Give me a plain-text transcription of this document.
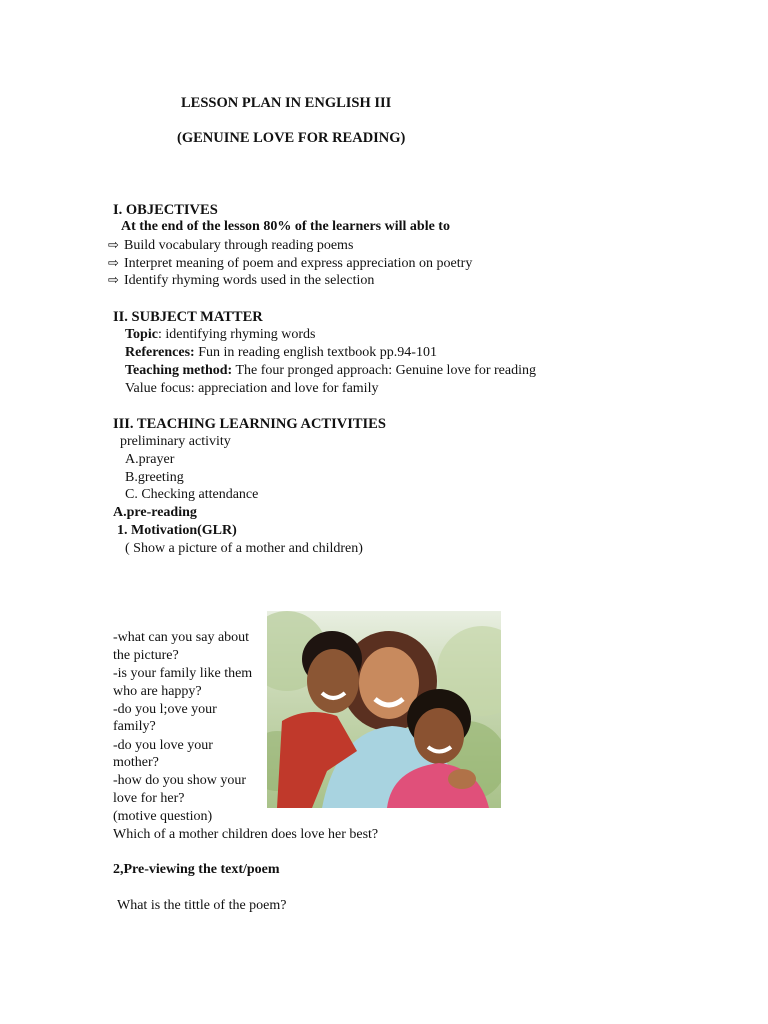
LESSON PLAN IN ENGLISH III
(GENUINE LOVE FOR READING)
I. OBJECTIVES
At the end of the lesson 80% of the learners will able to
⇨ Build vocabulary through reading poems
⇨ Interpret meaning of poem and express appreciation on poetry
⇨ Identify rhyming words used in the selection
II. SUBJECT MATTER
Topic: identifying rhyming words
References: Fun in reading english textbook pp.94-101
Teaching method: The four pronged approach: Genuine love for reading
Value focus: appreciation and love for family
III. TEACHING LEARNING ACTIVITIES
preliminary activity
A.prayer
B.greeting
C. Checking attendance
A.pre-reading
1. Motivation(GLR)
( Show a picture of a mother and children)
-what can you say about
the picture?
-is your family like them
who are happy?
-do you l;ove your
family?
-do you love your
mother?
-how do you show your
love for her?
(motive question)
Which of a mother children does love her best?
2,Pre-viewing the text/poem
What is the tittle of the poem?
